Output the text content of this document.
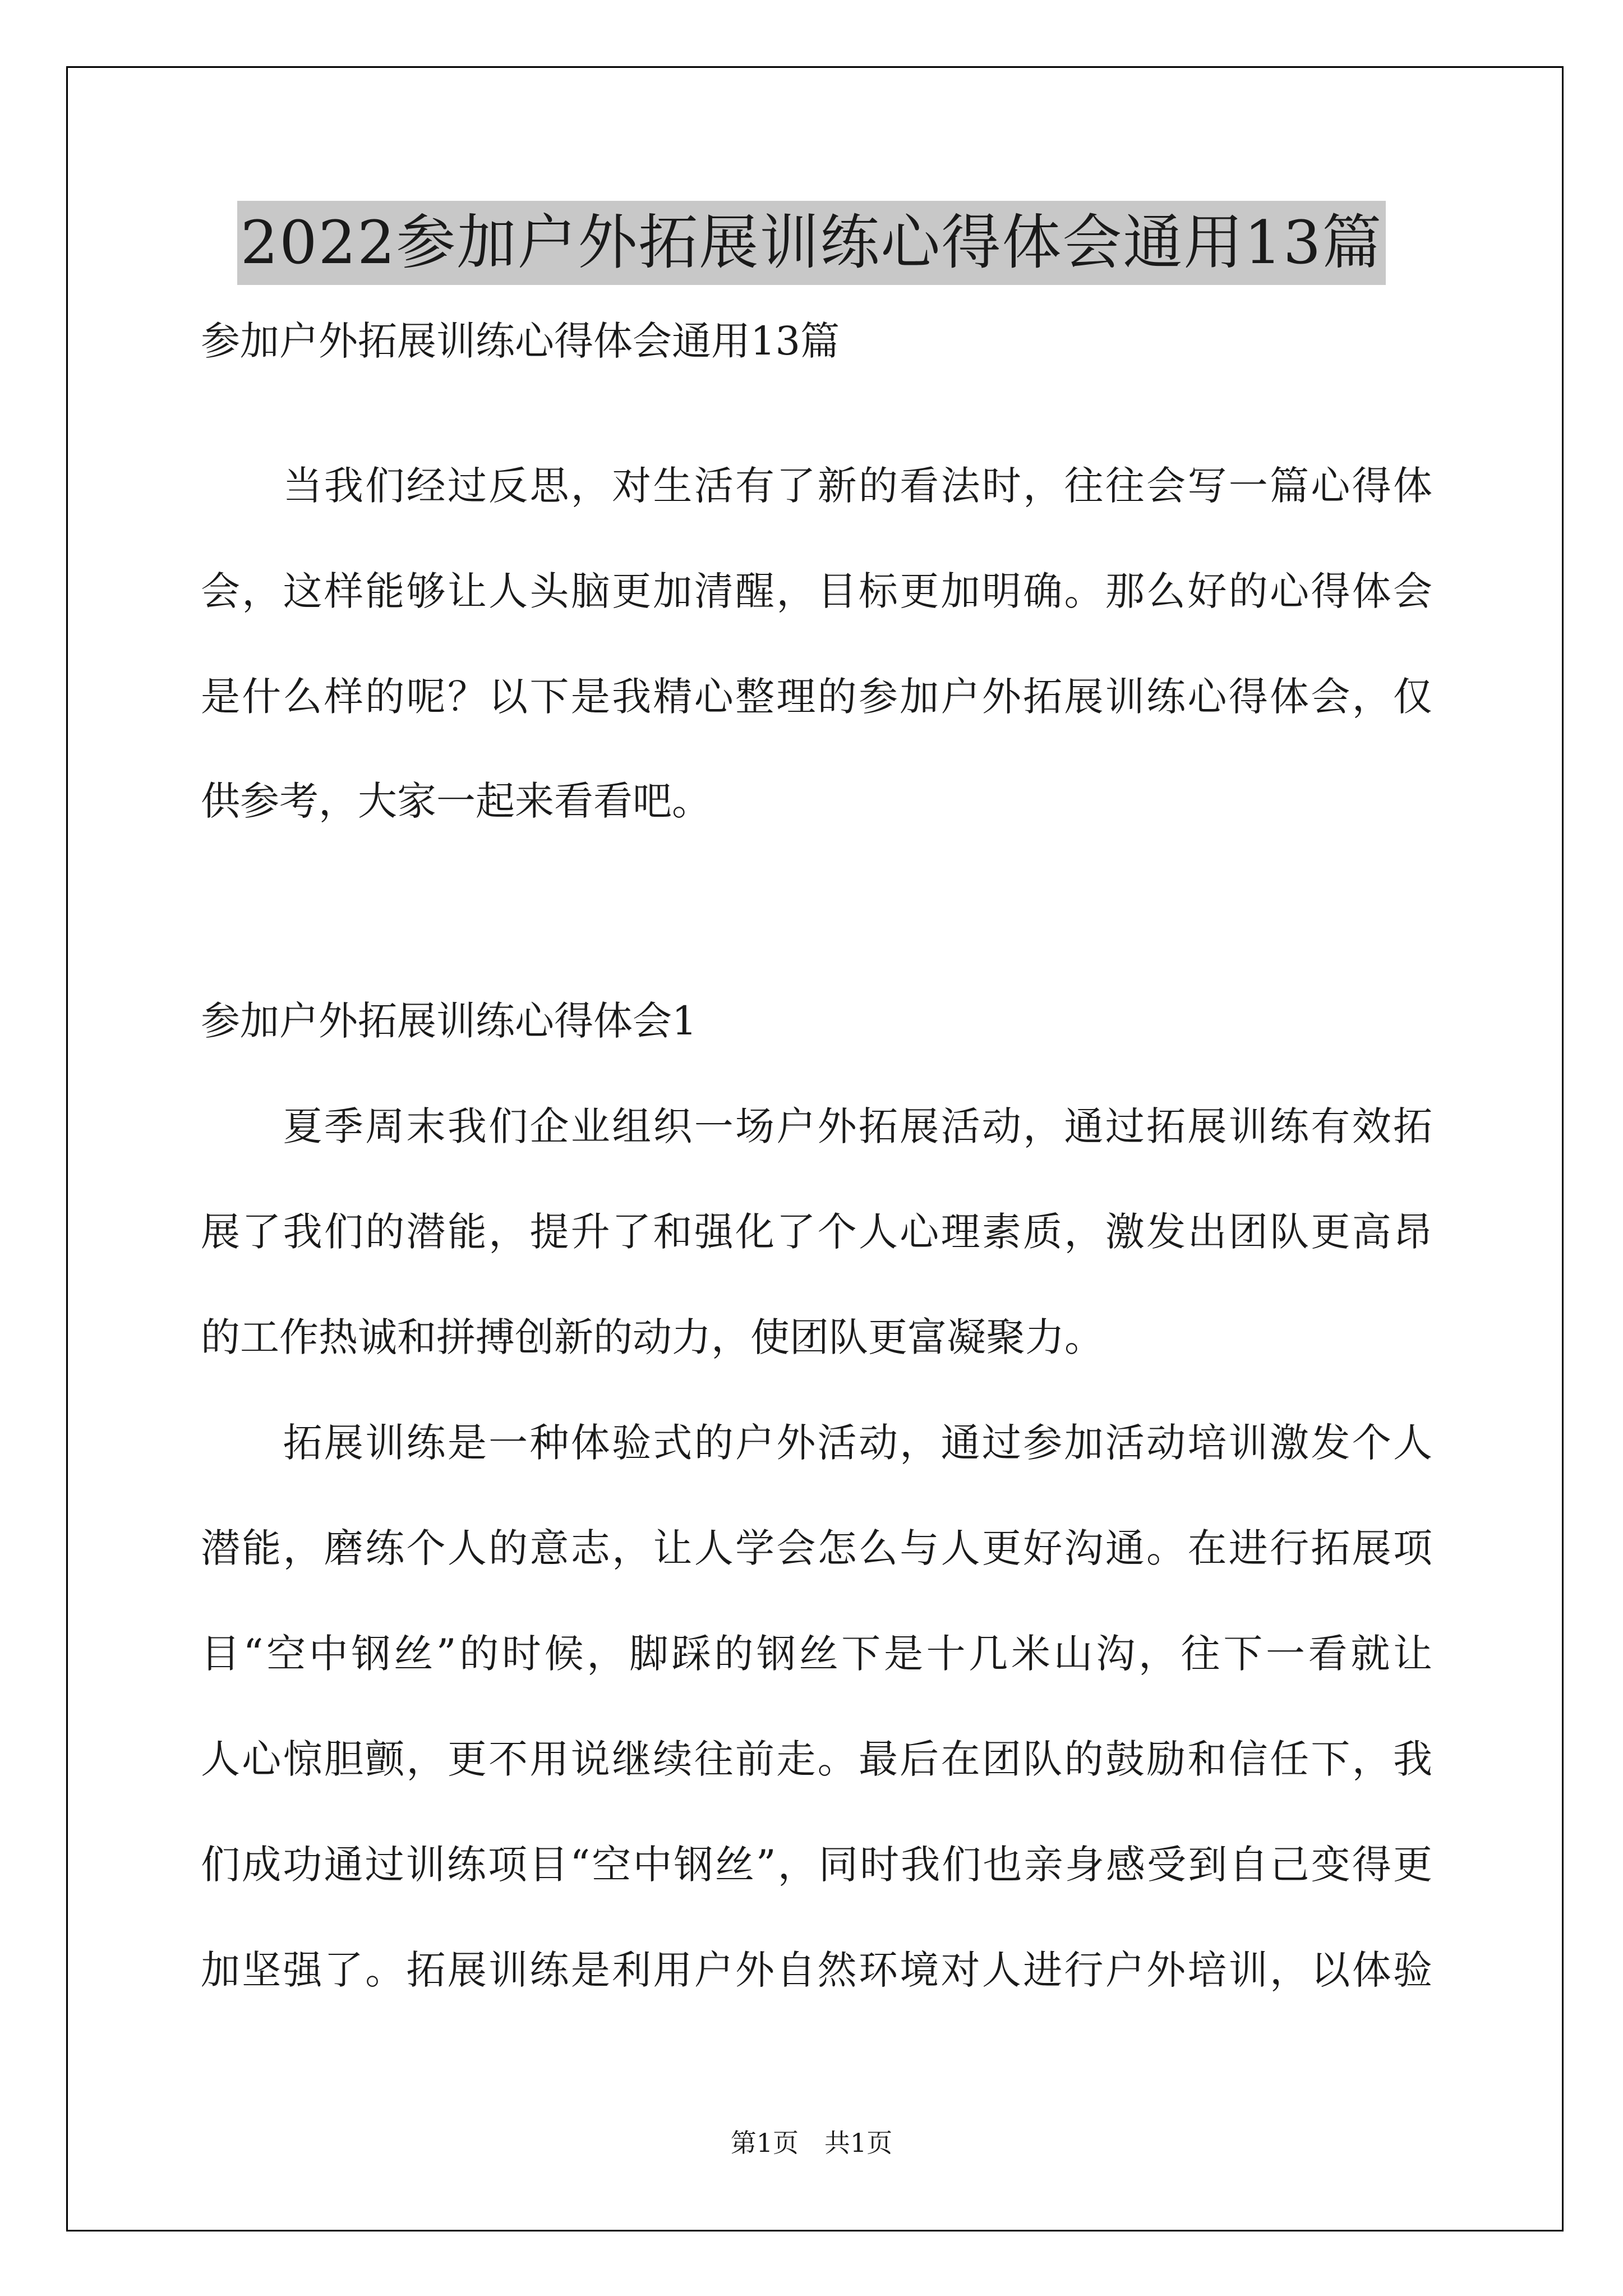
2022参加户外拓展训练心得体会通用13篇
参加户外拓展训练心得体会通用13篇
　　当我们经过反思，对生活有了新的看法时，往往会写一篇心得体
会，这样能够让人头脑更加清醒，目标更加明确。那么好的心得体会
是什么样的呢？以下是我精心整理的参加户外拓展训练心得体会，仅
供参考，大家一起来看看吧。
参加户外拓展训练心得体会1
　　夏季周末我们企业组织一场户外拓展活动，通过拓展训练有效拓
展了我们的潜能，提升了和强化了个人心理素质，激发出团队更高昂
的工作热诚和拼搏创新的动力，使团队更富凝聚力。
　　拓展训练是一种体验式的户外活动，通过参加活动培训激发个人
潜能，磨练个人的意志，让人学会怎么与人更好沟通。在进行拓展项
目“空中钢丝”的时候，脚踩的钢丝下是十几米山沟，往下一看就让
人心惊胆颤，更不用说继续往前走。最后在团队的鼓励和信任下，我
们成功通过训练项目“空中钢丝”，同时我们也亲身感受到自己变得更
加坚强了。拓展训练是利用户外自然环境对人进行户外培训，以体验
第1页　共1页
